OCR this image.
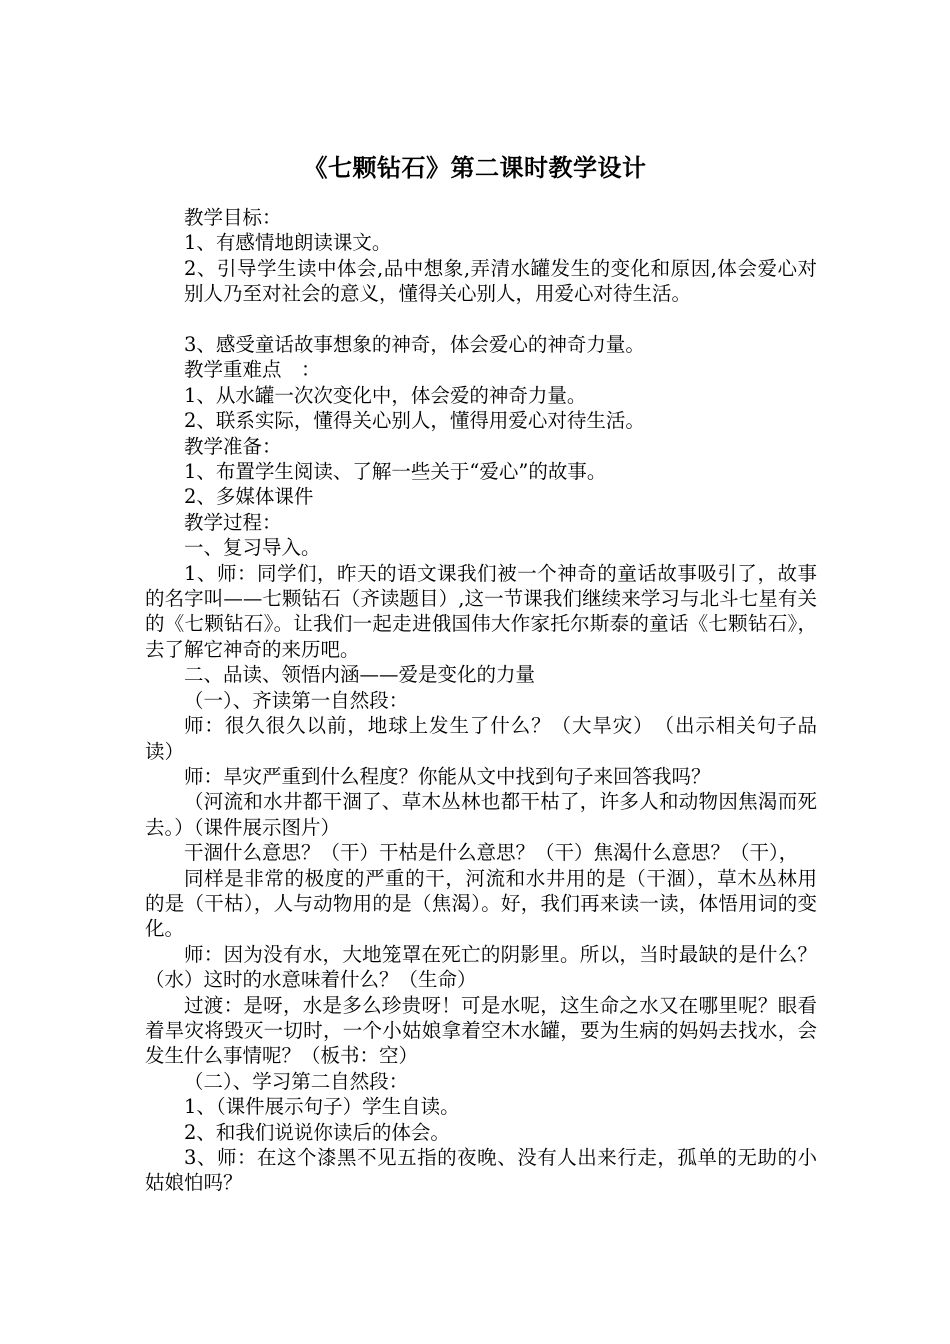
《七颗钻石》第二课时教学设计

教学目标：

1、有感情地朗读课文。

2、引导学生读中体会,品中想象,弄清水罐发生的变化和原因,体会爱心对别人乃至对社会的意义，懂得关心别人，用爱心对待生活。

3、感受童话故事想象的神奇，体会爱心的神奇力量。

教学重难点　：

1、从水罐一次次变化中，体会爱的神奇力量。

2、联系实际，懂得关心别人，懂得用爱心对待生活。

教学准备：

1、布置学生阅读、了解一些关于“爱心”的故事。

2、多媒体课件

教学过程：

一、复习导入。

1、师：同学们，昨天的语文课我们被一个神奇的童话故事吸引了，故事的名字叫——七颗钻石（齐读题目）,这一节课我们继续来学习与北斗七星有关的《七颗钻石》。让我们一起走进俄国伟大作家托尔斯泰的童话《七颗钻石》，去了解它神奇的来历吧。

二、品读、领悟内涵——爱是变化的力量

（一）、齐读第一自然段：

师：很久很久以前，地球上发生了什么？（大旱灾）　（出示相关句子品读）

师：旱灾严重到什么程度？你能从文中找到句子来回答我吗？

（河流和水井都干涸了、草木丛林也都干枯了，许多人和动物因焦渴而死去。）（课件展示图片）

干涸什么意思？（干）干枯是什么意思？（干）焦渴什么意思？（干），

同样是非常的极度的严重的干，河流和水井用的是（干涸），草木丛林用的是（干枯），人与动物用的是（焦渴）。好，我们再来读一读，体悟用词的变化。

师：因为没有水，大地笼罩在死亡的阴影里。所以，当时最缺的是什么？（水）这时的水意味着什么？（生命）

过渡：是呀，水是多么珍贵呀！可是水呢，这生命之水又在哪里呢？眼看着旱灾将毁灭一切时，一个小姑娘拿着空木水罐，要为生病的妈妈去找水，会发生什么事情呢？（板书：空）

（二）、学习第二自然段：

1、（课件展示句子）学生自读。

2、和我们说说你读后的体会。

3、师：在这个漆黑不见五指的夜晚、没有人出来行走，孤单的无助的小姑娘怕吗？
